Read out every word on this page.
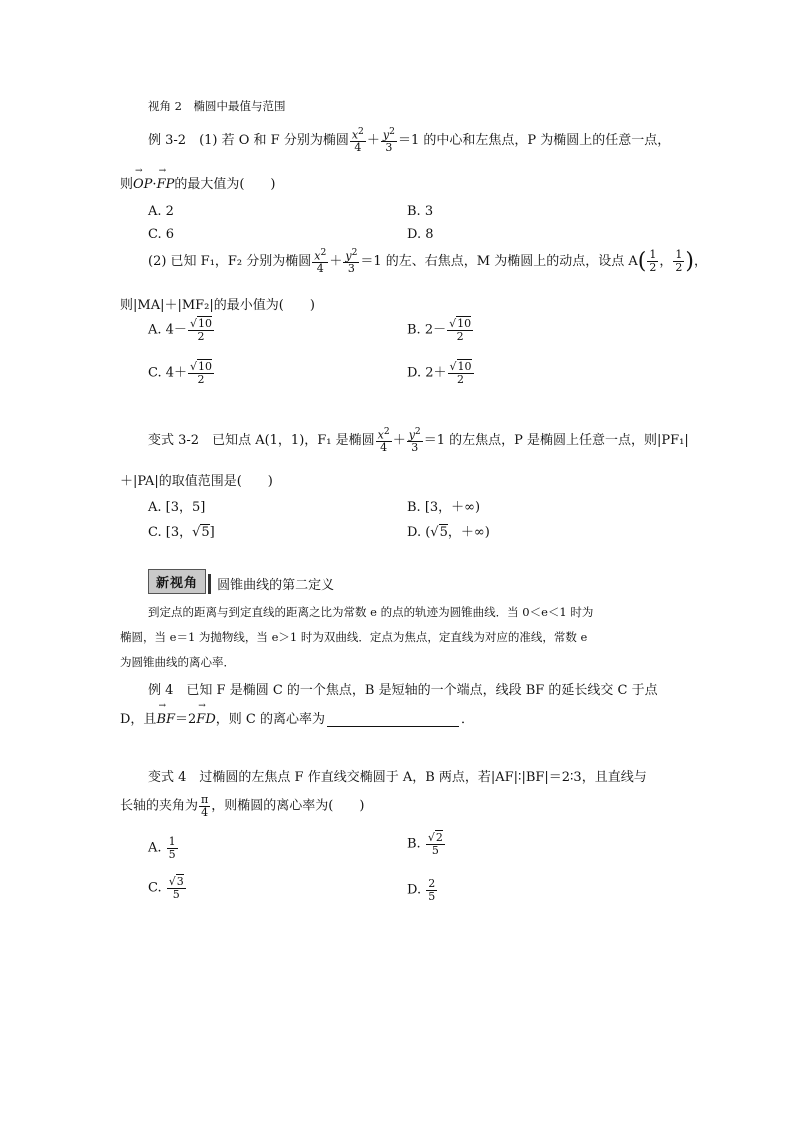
视角 2　椭圆中最值与范围
例 3-2　(1) 若 O 和 F 分别为椭圆 $\frac{x^2}{4} + \frac{y^2}{3} =1$ 的中心和左焦点，P 为椭圆上的任意一点，
则→ OP·→ FP的最大值为(　　)
A. 2	B. 3
C. 6	D. 8
(2) 已知 F₁，F₂ 分别为椭圆 $\frac{x^2}{4} + \frac{y^2}{3} =1$ 的左、右焦点，M 为椭圆上的动点，设点 $A( \frac{1}{2}$ ， $\frac{1}{2}$ )，
则|MA|＋|MF₂|的最小值为(　　)
A. $4- \frac{√10}{2}$	B. $2- \frac{√10}{2}$
C. $4+ \frac{√10}{2}$	D. $2+ \frac{√10}{2}$
变式 3-2　已知点 A(1，1)，F₁ 是椭圆 $\frac{x^2}{4} + \frac{y^2}{3} =1$ 的左焦点，P 是椭圆上任意一点，则|PF₁|
＋|PA|的取值范围是(　　)
A. [3，5]	B. [3，＋∞)
C. [3，√5]	D. (√5，＋∞)
新视角 圆锥曲线的第二定义
到定点的距离与到定直线的距离之比为常数 e 的点的轨迹为圆锥曲线．当 0＜e＜1 时为
椭圆，当 e＝1 为抛物线，当 e＞1 时为双曲线．定点为焦点，定直线为对应的准线，常数 e
为圆锥曲线的离心率．
例 4　已知 F 是椭圆 C 的一个焦点，B 是短轴的一个端点，线段 BF 的延长线交 C 于点
D，且→ BF＝2→ FD，则 C 的离心率为	．
变式 4　过椭圆的左焦点 F 作直线交椭圆于 A，B 两点，若|AF|∶|BF|＝2∶3，且直线与
长轴的夹角为 $\frac{\pi}{4}$ ，则椭圆的离心率为(　　)
A. $\frac{1}{5}$	B. $\frac{√2}{5}$
C. $\frac{√3}{5}$	D. $\frac{2}{5}$
